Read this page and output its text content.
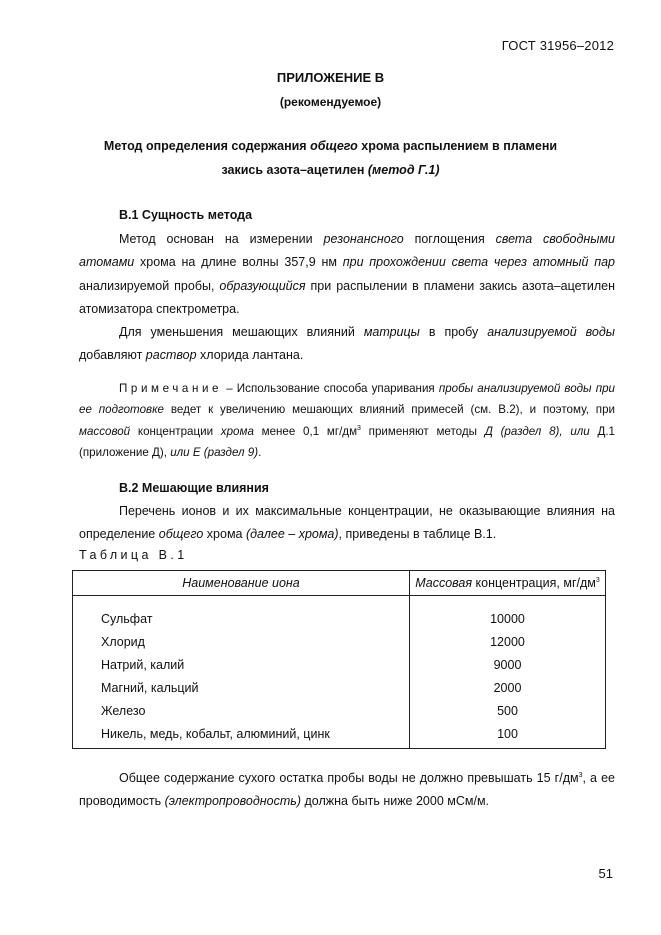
ГОСТ 31956–2012
ПРИЛОЖЕНИЕ В
(рекомендуемое)
Метод определения содержания общего хрома распылением в пламени
закись азота–ацетилен (метод Г.1)
В.1 Сущность метода

Метод основан на измерении резонансного поглощения света свободными атомами хрома на длине волны 357,9 нм при прохождении света через атомный пар анализируемой пробы, образующийся при распылении в пламени закись азота–ацетилен атомизатора спектрометра.

Для уменьшения мешающих влияний матрицы в пробу анализируемой воды добавляют раствор хлорида лантана.

Примечание – Использование способа упаривания пробы анализируемой воды при ее подготовке ведет к увеличению мешающих влияний примесей (см. В.2), и поэтому, при массовой концентрации хрома менее 0,1 $мг/дм^3$ применяют методы Д (раздел 8), или Д.1 (приложение Д), или Е (раздел 9).

В.2 Мешающие влияния

Перечень ионов и их максимальные концентрации, не оказывающие влияния на определение общего хрома (далее – хрома), приведены в таблице В.1.

Таблица В.1
Наименование иона	Массовая концентрация, $мг/дм^3$
Сульфат	10000
Хлорид	12000
Натрий, калий	9000
Магний, кальций	2000
Железо	500
Никель, медь, кобальт, алюминий, цинк	100

Общее содержание сухого остатка пробы воды не должно превышать 15 $г/дм^3$, а ее проводимость (электропроводность) должна быть ниже 2000 мСм/м.

51
